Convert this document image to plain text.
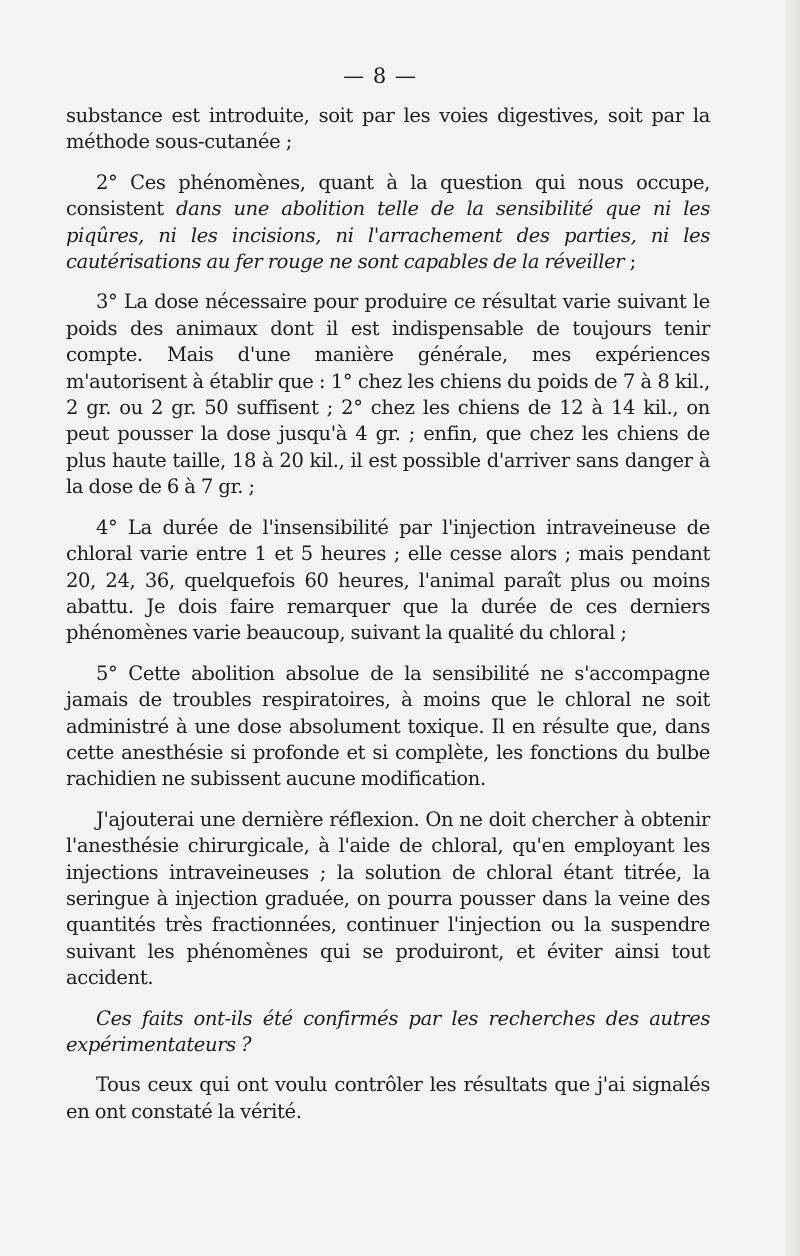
— 8 —

substance est introduite, soit par les voies digestives, soit par la méthode sous-cutanée ;

2° Ces phénomènes, quant à la question qui nous occupe, consistent dans une abolition telle de la sensibilité que ni les piqûres, ni les incisions, ni l'arrachement des parties, ni les cautérisations au fer rouge ne sont capables de la réveiller ;

3° La dose nécessaire pour produire ce résultat varie suivant le poids des animaux dont il est indispensable de toujours tenir compte. Mais d'une manière générale, mes expériences m'autorisent à établir que : 1° chez les chiens du poids de 7 à 8 kil., 2 gr. ou 2 gr. 50 suffisent ; 2° chez les chiens de 12 à 14 kil., on peut pousser la dose jusqu'à 4 gr. ; enfin, que chez les chiens de plus haute taille, 18 à 20 kil., il est possible d'arriver sans danger à la dose de 6 à 7 gr. ;

4° La durée de l'insensibilité par l'injection intraveineuse de chloral varie entre 1 et 5 heures ; elle cesse alors ; mais pendant 20, 24, 36, quelquefois 60 heures, l'animal paraît plus ou moins abattu. Je dois faire remarquer que la durée de ces derniers phénomènes varie beaucoup, suivant la qualité du chloral ;

5° Cette abolition absolue de la sensibilité ne s'accompagne jamais de troubles respiratoires, à moins que le chloral ne soit administré à une dose absolument toxique. Il en résulte que, dans cette anesthésie si profonde et si complète, les fonctions du bulbe rachidien ne subissent aucune modification.

J'ajouterai une dernière réflexion. On ne doit chercher à obtenir l'anesthésie chirurgicale, à l'aide de chloral, qu'en employant les injections intraveineuses ; la solution de chloral étant titrée, la seringue à injection graduée, on pourra pousser dans la veine des quantités très fractionnées, continuer l'injection ou la suspendre suivant les phénomènes qui se produiront, et éviter ainsi tout accident.

Ces faits ont-ils été confirmés par les recherches des autres expérimentateurs ?

Tous ceux qui ont voulu contrôler les résultats que j'ai signalés en ont constaté la vérité.
